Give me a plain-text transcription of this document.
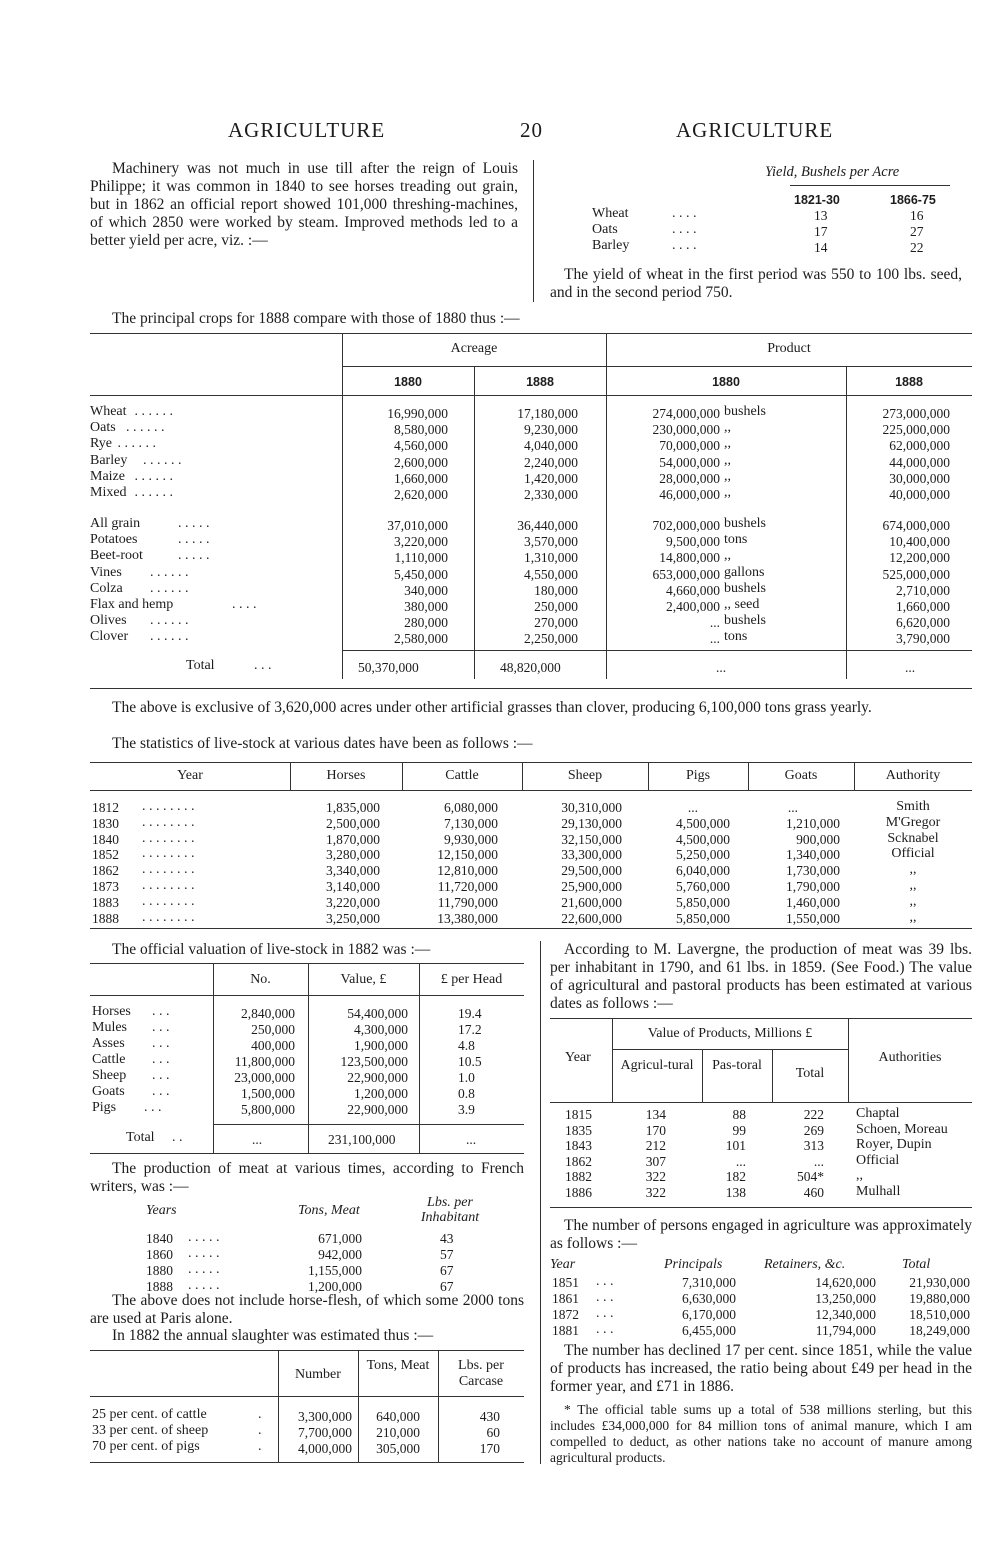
AGRICULTURE	20	AGRICULTURE

Machinery was not much in use till after the reign of Louis Philippe; it was common in 1840 to see horses treading out grain, but in 1862 an official report showed 101,000 threshing-machines, of which 2850 were worked by steam. Improved methods led to a better yield per acre, viz. :—

Yield, Bushels per Acre
1821-30	1866-75
Wheat	. . . .	13	16
Oats	. . . .	17	27
Barley	. . . .	14	22

The yield of wheat in the first period was 550 to 100 lbs. seed, and in the second period 750.

The principal crops for 1888 compare with those of 1880 thus :—

Acreage	Product
1880	1888	1880	1888
Wheat	16,990,000	17,180,000	274,000,000 bushels	273,000,000
Oats	8,580,000	9,230,000	230,000,000 ,,	225,000,000
Rye	4,560,000	4,040,000	70,000,000 ,,	62,000,000
Barley	2,600,000	2,240,000	54,000,000 ,,	44,000,000
Maize	1,660,000	1,420,000	28,000,000 ,,	30,000,000
Mixed	2,620,000	2,330,000	46,000,000 ,,	40,000,000
All grain	37,010,000	36,440,000	702,000,000 bushels	674,000,000
Potatoes	3,220,000	3,570,000	9,500,000 tons	10,400,000
Beet-root	1,110,000	1,310,000	14,800,000 ,,	12,200,000
Vines	5,450,000	4,550,000	653,000,000 gallons	525,000,000
Colza	340,000	180,000	4,660,000 bushels	2,710,000
Flax and hemp	380,000	250,000	2,400,000 ,, seed	1,660,000
Olives	280,000	270,000	... bushels	6,620,000
Clover	2,580,000	2,250,000	... tons	3,790,000
. . . . . .
. . . . . .
. . . . . .
. . . . . .
. . . . . .
. . . . . .
. . . . .
. . . . .
. . . . .
. . . . . .
. . . . . .
. . . .
. . . . . .
. . . . . .
Total	. . .	50,370,000	48,820,000	...	...

The above is exclusive of 3,620,000 acres under other artificial grasses than clover, producing 6,100,000 tons grass yearly.

The statistics of live-stock at various dates have been as follows :—

Year	Horses	Cattle	Sheep	Pigs	Goats	Authority
1812 . . . . . . . .	1,835,000	6,080,000	30,310,000	...	...	Smith
1830 . . . . . . . .	2,500,000	7,130,000	29,130,000	4,500,000	1,210,000	M'Gregor
1840 . . . . . . . .	1,870,000	9,930,000	32,150,000	4,500,000	900,000	Scknabel
1852 . . . . . . . .	3,280,000	12,150,000	33,300,000	5,250,000	1,340,000	Official
1862 . . . . . . . .	3,340,000	12,810,000	29,500,000	6,040,000	1,730,000	,,
1873 . . . . . . . .	3,140,000	11,720,000	25,900,000	5,760,000	1,790,000	,,
1883 . . . . . . . .	3,220,000	11,790,000	21,600,000	5,850,000	1,460,000	,,
1888 . . . . . . . .	3,250,000	13,380,000	22,600,000	5,850,000	1,550,000	,,

The official valuation of live-stock in 1882 was :—

No.	Value, £	£ per Head
Horses . . .	2,840,000	54,400,000	19.4
Mules . . .	250,000	4,300,000	17.2
Asses . . .	400,000	1,900,000	4.8
Cattle . . .	11,800,000	123,500,000	10.5
Sheep . . .	23,000,000	22,900,000	1.0
Goats . . .	1,500,000	1,200,000	0.8
Pigs . . .	5,800,000	22,900,000	3.9
Total . .	...	231,100,000	...

The production of meat at various times, according to French writers, was :—

Years	Tons, Meat
Lbs. per
Inhabitant
1840 . . . . .	671,000	43
1860 . . . . .	942,000	57
1880 . . . . .	1,155,000	67
1888 . . . . .	1,200,000	67

The above does not include horse-flesh, of which some 2000 tons are used at Paris alone.

In 1882 the annual slaughter was estimated thus :—

Number
Tons, Meat	Lbs. per Carcase
25 per cent. of cattle	.	3,300,000	640,000	430
33 per cent. of sheep	.	7,700,000	210,000	60
70 per cent. of pigs	.	4,000,000	305,000	170

According to M. Lavergne, the production of meat was 39 lbs. per inhabitant in 1790, and 61 lbs. in 1859. (See Food.) The value of agricultural and pastoral products has been estimated at various dates as follows :—

Year
Value of Products, Millions £
Agricul-tural	Pas-toral
Total
Authorities
1815	134	88	222 Chaptal
1835	170	99	269 Schoen, Moreau
1843	212	101	313 Royer, Dupin
1862	307	...	... Official
1882	322	182	504* ,,
1886	322	138	460 Mulhall

The number of persons engaged in agriculture was approximately as follows :—

Year	Principals	Retainers, &c.	Total
1851 . . .	7,310,000	14,620,000	21,930,000
1861 . . .	6,630,000	13,250,000	19,880,000
1872 . . .	6,170,000	12,340,000	18,510,000
1881 . . .	6,455,000	11,794,000	18,249,000

The number has declined 17 per cent. since 1851, while the value of products has increased, the ratio being about £49 per head in the former year, and £71 in 1886.

* The official table sums up a total of 538 millions sterling, but this includes £34,000,000 for 84 million tons of animal manure, which I am compelled to deduct, as other nations take no account of manure among agricultural products.
